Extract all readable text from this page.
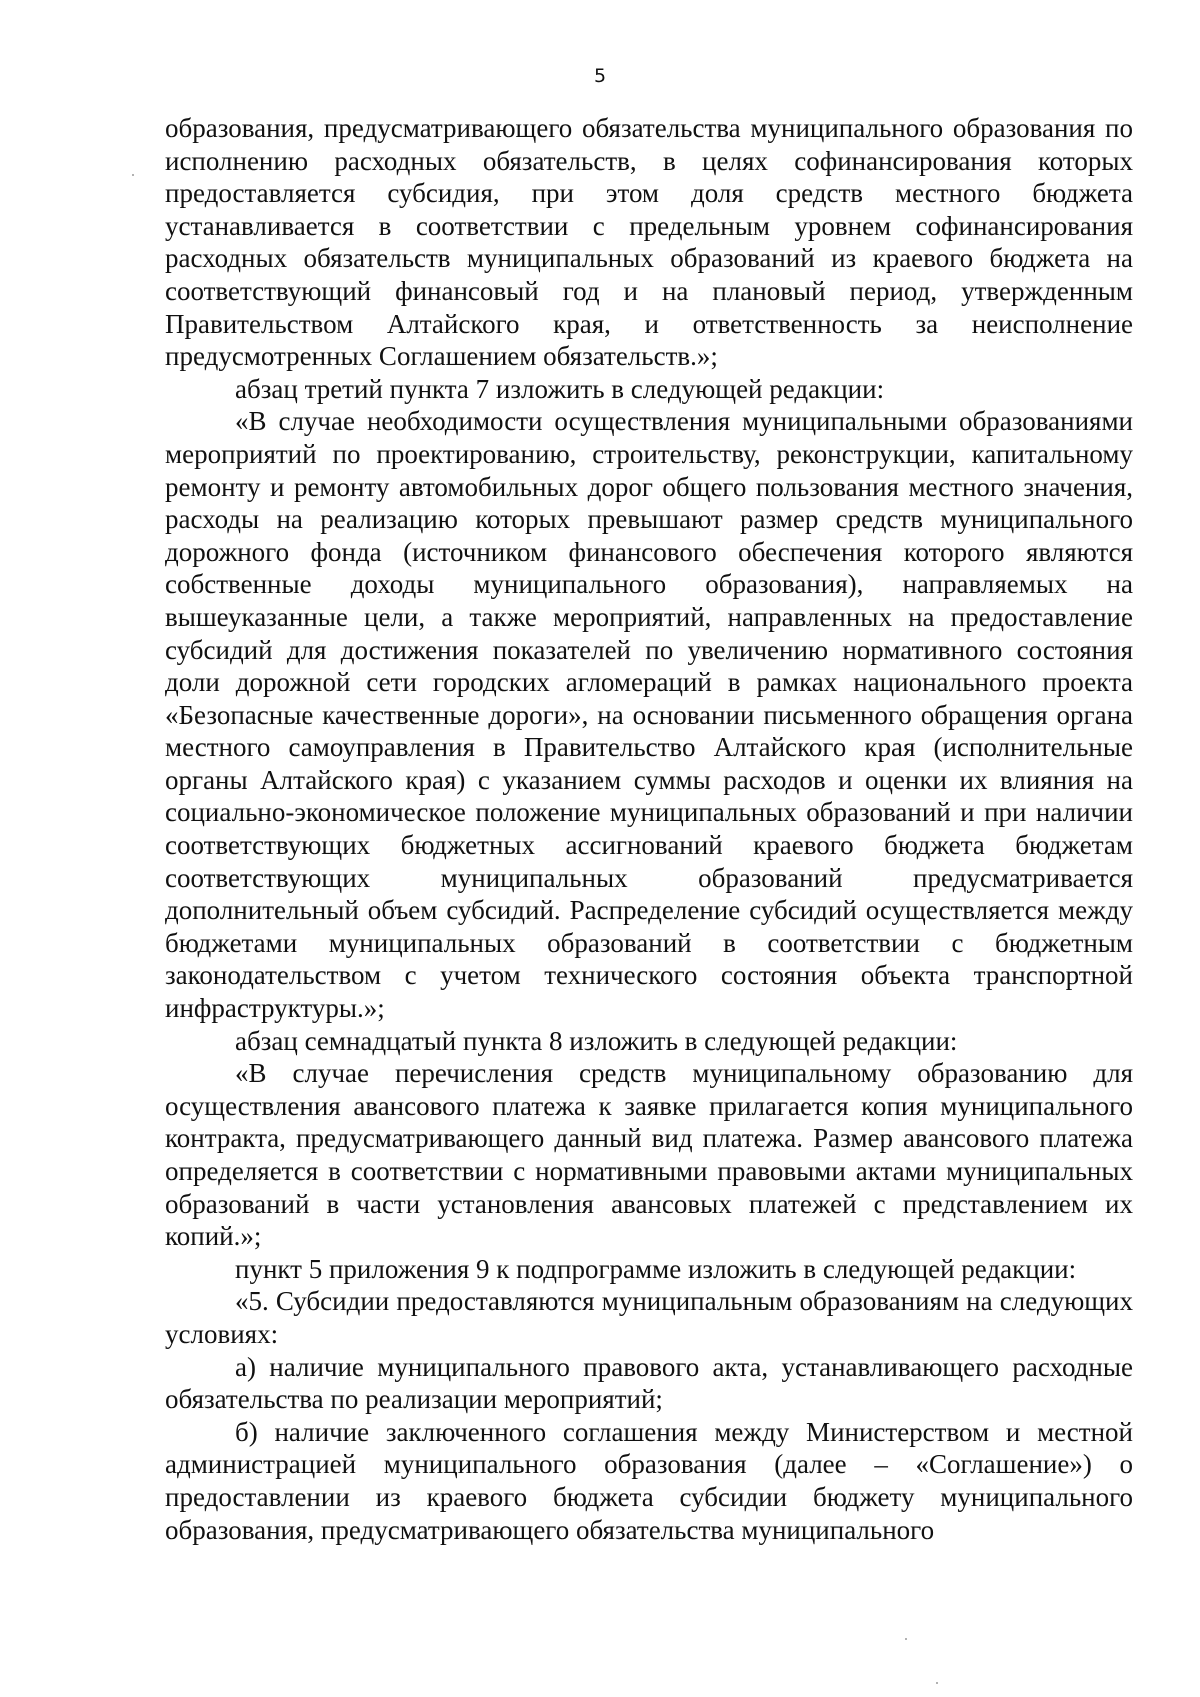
5

образования, предусматривающего обязательства муниципального образования по исполнению расходных обязательств, в целях софинансирования которых предоставляется субсидия, при этом доля средств местного бюджета устанавливается в соответствии с предельным уровнем софинансирования расходных обязательств муниципальных образований из краевого бюджета на соответствующий финансовый год и на плановый период, утвержденным Правительством Алтайского края, и ответственность за неисполнение предусмотренных Соглашением обязательств.»;

абзац третий пункта 7 изложить в следующей редакции:

«В случае необходимости осуществления муниципальными образованиями мероприятий по проектированию, строительству, реконструкции, капитальному ремонту и ремонту автомобильных дорог общего пользования местного значения, расходы на реализацию которых превышают размер средств муниципального дорожного фонда (источником финансового обеспечения которого являются собственные доходы муниципального образования), направляемых на вышеуказанные цели, а также мероприятий, направленных на предоставление субсидий для достижения показателей по увеличению нормативного состояния доли дорожной сети городских агломераций в рамках национального проекта «Безопасные качественные дороги», на основании письменного обращения органа местного самоуправления в Правительство Алтайского края (исполнительные органы Алтайского края) с указанием суммы расходов и оценки их влияния на социально-экономическое положение муниципальных образований и при наличии соответствующих бюджетных ассигнований краевого бюджета бюджетам соответствующих муниципальных образований предусматривается дополнительный объем субсидий. Распределение субсидий осуществляется между бюджетами муниципальных образований в соответствии с бюджетным законодательством с учетом технического состояния объекта транспортной инфраструктуры.»;

абзац семнадцатый пункта 8 изложить в следующей редакции:

«В случае перечисления средств муниципальному образованию для осуществления авансового платежа к заявке прилагается копия муниципального контракта, предусматривающего данный вид платежа. Размер авансового платежа определяется в соответствии с нормативными правовыми актами муниципальных образований в части установления авансовых платежей с представлением их копий.»;

пункт 5 приложения 9 к подпрограмме изложить в следующей редакции:

«5. Субсидии предоставляются муниципальным образованиям на следующих условиях:

а) наличие муниципального правового акта, устанавливающего расходные обязательства по реализации мероприятий;

б) наличие заключенного соглашения между Министерством и местной администрацией муниципального образования (далее – «Соглашение») о предоставлении из краевого бюджета субсидии бюджету муниципального образования, предусматривающего обязательства муниципального
